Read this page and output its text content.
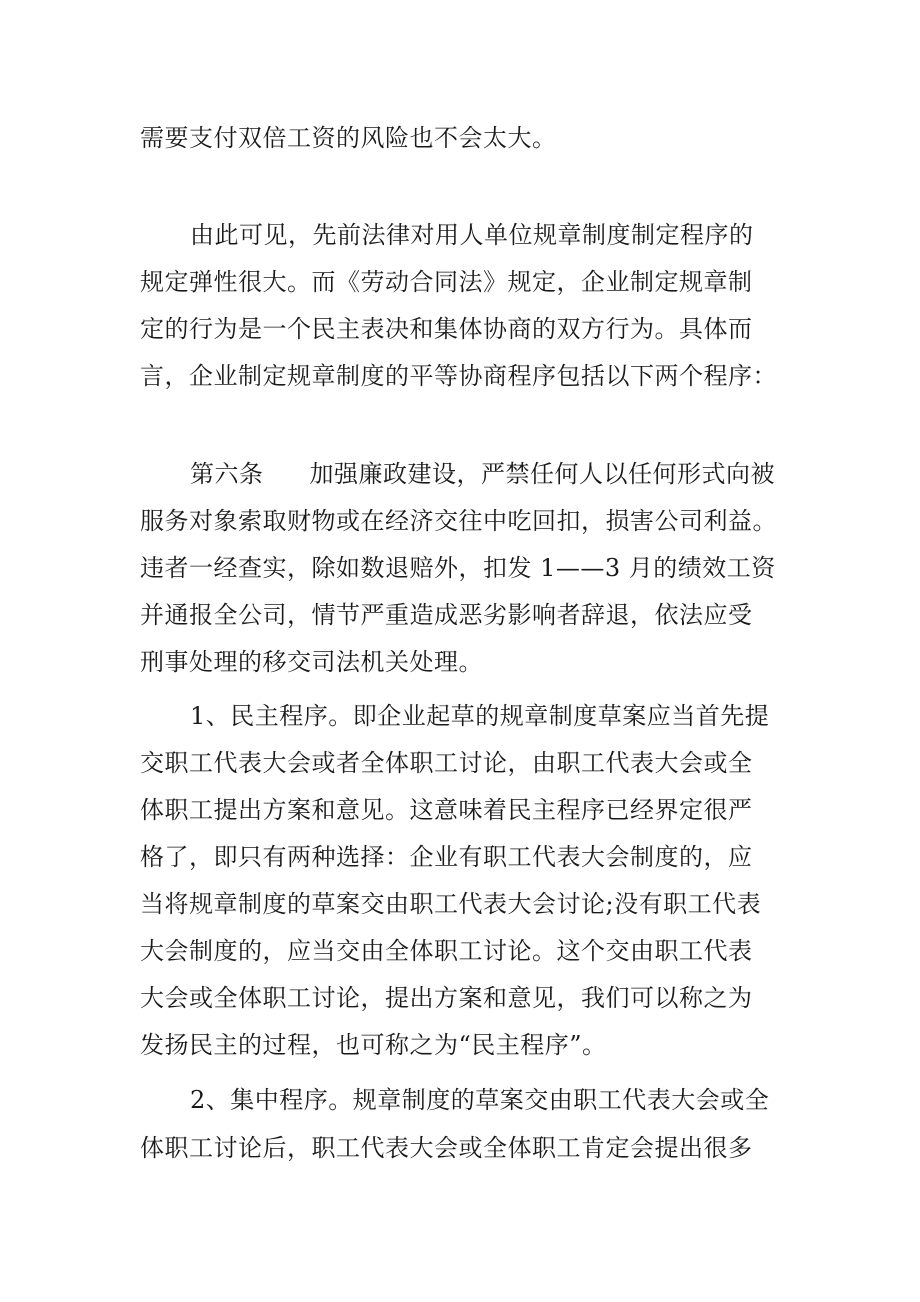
需要支付双倍工资的风险也不会太大。
由此可见，先前法律对用人单位规章制度制定程序的
规定弹性很大。而《劳动合同法》规定，企业制定规章制
定的行为是一个民主表决和集体协商的双方行为。具体而
言，企业制定规章制度的平等协商程序包括以下两个程序：
第六条 加强廉政建设，严禁任何人以任何形式向被
服务对象索取财物或在经济交往中吃回扣，损害公司利益。
违者一经查实，除如数退赔外，扣发 1——3 月的绩效工资
并通报全公司，情节严重造成恶劣影响者辞退，依法应受
刑事处理的移交司法机关处理。
1、民主程序。即企业起草的规章制度草案应当首先提
交职工代表大会或者全体职工讨论，由职工代表大会或全
体职工提出方案和意见。这意味着民主程序已经界定很严
格了，即只有两种选择：企业有职工代表大会制度的，应
当将规章制度的草案交由职工代表大会讨论;没有职工代表
大会制度的，应当交由全体职工讨论。这个交由职工代表
大会或全体职工讨论，提出方案和意见，我们可以称之为
发扬民主的过程，也可称之为“民主程序”。
2、集中程序。规章制度的草案交由职工代表大会或全
体职工讨论后，职工代表大会或全体职工肯定会提出很多
